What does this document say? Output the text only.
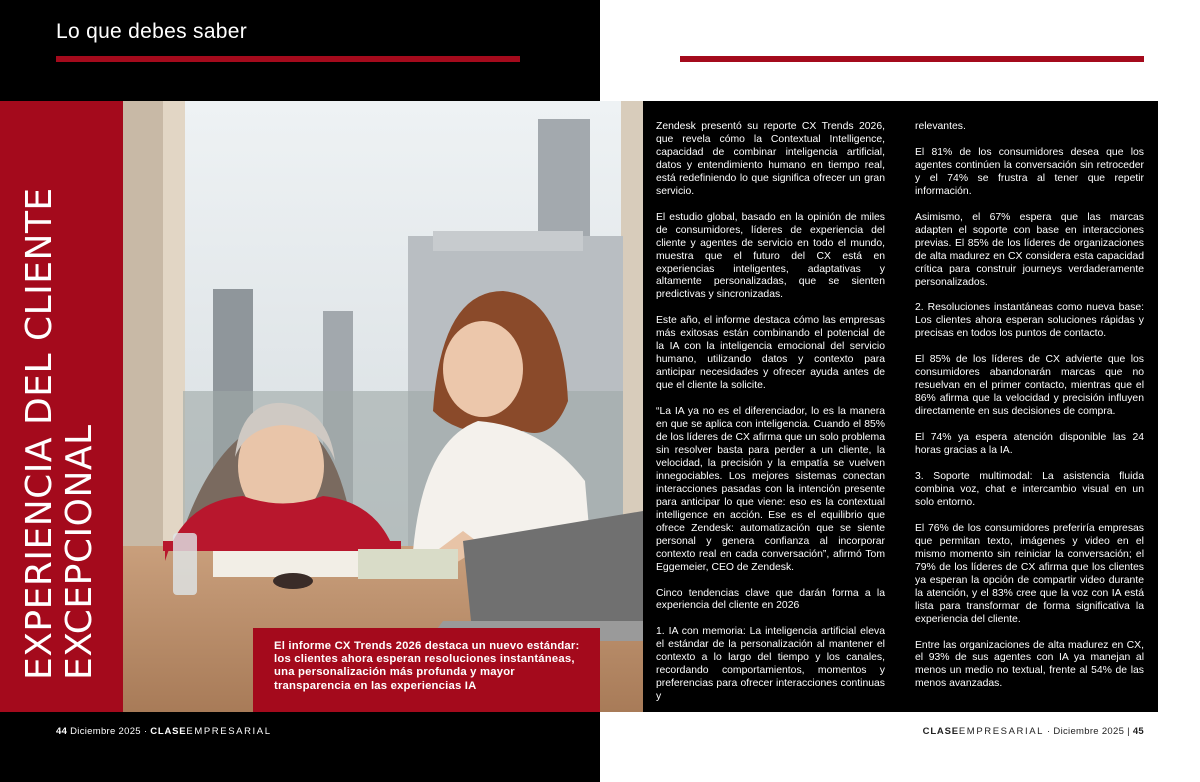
Lo que debes saber
EXPERIENCIA DEL CLIENTE EXCEPCIONAL	El informe CX Trends 2026 destaca un nuevo estándar: los clientes ahora esperan resoluciones instantáneas, una personalización más profunda y mayor transparencia en las experiencias IA

Zendesk presentó su reporte CX Trends 2026, que revela cómo la Contextual Intelligence, capacidad de combinar inteligencia artificial, datos y entendimiento humano en tiempo real, está redefiniendo lo que significa ofrecer un gran servicio.

El estudio global, basado en la opinión de miles de consumidores, líderes de experiencia del cliente y agentes de servicio en todo el mundo, muestra que el futuro del CX está en experiencias inteligentes, adaptativas y altamente personalizadas, que se sienten predictivas y sincronizadas.

Este año, el informe destaca cómo las empresas más exitosas están combinando el potencial de la IA con la inteligencia emocional del servicio humano, utilizando datos y contexto para anticipar necesidades y ofrecer ayuda antes de que el cliente la solicite.

“La IA ya no es el diferenciador, lo es la manera en que se aplica con inteligencia. Cuando el 85% de los líderes de CX afirma que un solo problema sin resolver basta para perder a un cliente, la velocidad, la precisión y la empatía se vuelven innegociables. Los mejores sistemas conectan interacciones pasadas con la intención presente para anticipar lo que viene: eso es la contextual intelligence en acción. Ese es el equilibrio que ofrece Zendesk: automatización que se siente personal y genera confianza al incorporar contexto real en cada conversación”, afirmó Tom Eggemeier, CEO de Zendesk.

Cinco tendencias clave que darán forma a la experiencia del cliente en 2026

1. IA con memoria: La inteligencia artificial eleva el estándar de la personalización al mantener el contexto a lo largo del tiempo y los canales, recordando comportamientos, momentos y preferencias para ofrecer interacciones continuas y

relevantes.

El 81% de los consumidores desea que los agentes continúen la conversación sin retroceder y el 74% se frustra al tener que repetir información.

Asimismo, el 67% espera que las marcas adapten el soporte con base en interacciones previas. El 85% de los líderes de organizaciones de alta madurez en CX considera esta capacidad crítica para construir journeys verdaderamente personalizados.

2. Resoluciones instantáneas como nueva base: Los clientes ahora esperan soluciones rápidas y precisas en todos los puntos de contacto.

El 85% de los líderes de CX advierte que los consumidores abandonarán marcas que no resuelvan en el primer contacto, mientras que el 86% afirma que la velocidad y precisión influyen directamente en sus decisiones de compra.

El 74% ya espera atención disponible las 24 horas gracias a la IA.

3. Soporte multimodal: La asistencia fluida combina voz, chat e intercambio visual en un solo entorno.

El 76% de los consumidores preferiría empresas que permitan texto, imágenes y video en el mismo momento sin reiniciar la conversación; el 79% de los líderes de CX afirma que los clientes ya esperan la opción de compartir video durante la atención, y el 83% cree que la voz con IA está lista para transformar de forma significativa la experiencia del cliente.

Entre las organizaciones de alta madurez en CX, el 93% de sus agentes con IA ya manejan al menos un medio no textual, frente al 54% de las menos avanzadas.

44 Diciembre 2025 · CLASEEMPRESARIAL	CLASEEMPRESARIAL · Diciembre 2025 | 45
